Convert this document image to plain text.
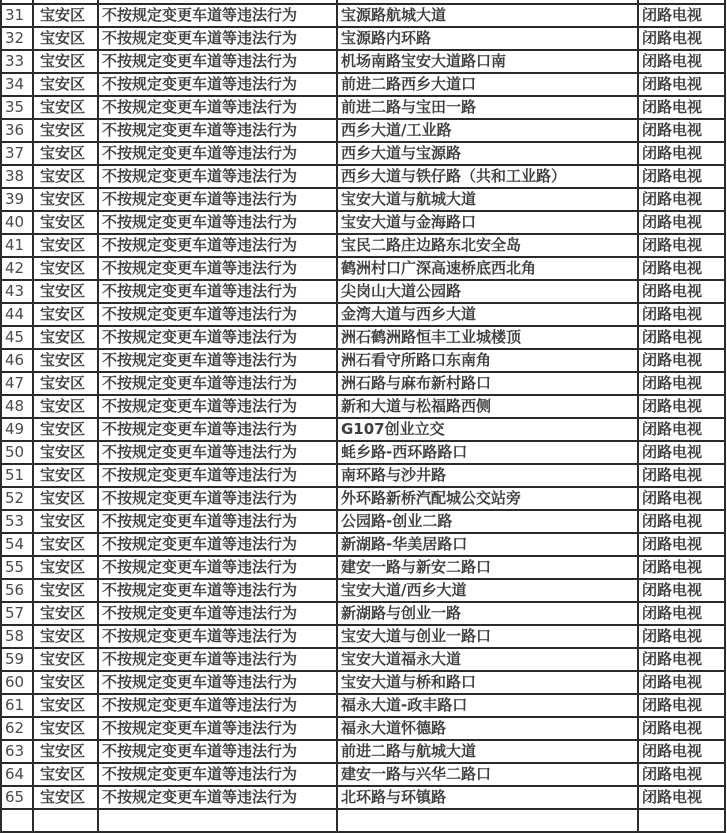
31	宝安区	不按规定变更车道等违法行为	宝源路航城大道	闭路电视
32	宝安区	不按规定变更车道等违法行为	宝源路内环路	闭路电视
33	宝安区	不按规定变更车道等违法行为	机场南路宝安大道路口南	闭路电视
34	宝安区	不按规定变更车道等违法行为	前进二路西乡大道口	闭路电视
35	宝安区	不按规定变更车道等违法行为	前进二路与宝田一路	闭路电视
36	宝安区	不按规定变更车道等违法行为	西乡大道/工业路	闭路电视
37	宝安区	不按规定变更车道等违法行为	西乡大道与宝源路	闭路电视
38	宝安区	不按规定变更车道等违法行为	西乡大道与铁仔路（共和工业路）	闭路电视
39	宝安区	不按规定变更车道等违法行为	宝安大道与航城大道	闭路电视
40	宝安区	不按规定变更车道等违法行为	宝安大道与金海路口	闭路电视
41	宝安区	不按规定变更车道等违法行为	宝民二路庄边路东北安全岛	闭路电视
42	宝安区	不按规定变更车道等违法行为	鹤洲村口广深高速桥底西北角	闭路电视
43	宝安区	不按规定变更车道等违法行为	尖岗山大道公园路	闭路电视
44	宝安区	不按规定变更车道等违法行为	金湾大道与西乡大道	闭路电视
45	宝安区	不按规定变更车道等违法行为	洲石鹤洲路恒丰工业城楼顶	闭路电视
46	宝安区	不按规定变更车道等违法行为	洲石看守所路口东南角	闭路电视
47	宝安区	不按规定变更车道等违法行为	洲石路与麻布新村路口	闭路电视
48	宝安区	不按规定变更车道等违法行为	新和大道与松福路西侧	闭路电视
49	宝安区	不按规定变更车道等违法行为	G107创业立交	闭路电视
50	宝安区	不按规定变更车道等违法行为	蚝乡路-西环路路口	闭路电视
51	宝安区	不按规定变更车道等违法行为	南环路与沙井路	闭路电视
52	宝安区	不按规定变更车道等违法行为	外环路新桥汽配城公交站旁	闭路电视
53	宝安区	不按规定变更车道等违法行为	公园路-创业二路	闭路电视
54	宝安区	不按规定变更车道等违法行为	新湖路-华美居路口	闭路电视
55	宝安区	不按规定变更车道等违法行为	建安一路与新安二路口	闭路电视
56	宝安区	不按规定变更车道等违法行为	宝安大道/西乡大道	闭路电视
57	宝安区	不按规定变更车道等违法行为	新湖路与创业一路	闭路电视
58	宝安区	不按规定变更车道等违法行为	宝安大道与创业一路口	闭路电视
59	宝安区	不按规定变更车道等违法行为	宝安大道福永大道	闭路电视
60	宝安区	不按规定变更车道等违法行为	宝安大道与桥和路口	闭路电视
61	宝安区	不按规定变更车道等违法行为	福永大道-政丰路口	闭路电视
62	宝安区	不按规定变更车道等违法行为	福永大道怀德路	闭路电视
63	宝安区	不按规定变更车道等违法行为	前进二路与航城大道	闭路电视
64	宝安区	不按规定变更车道等违法行为	建安一路与兴华二路口	闭路电视
65	宝安区	不按规定变更车道等违法行为	北环路与环镇路	闭路电视
